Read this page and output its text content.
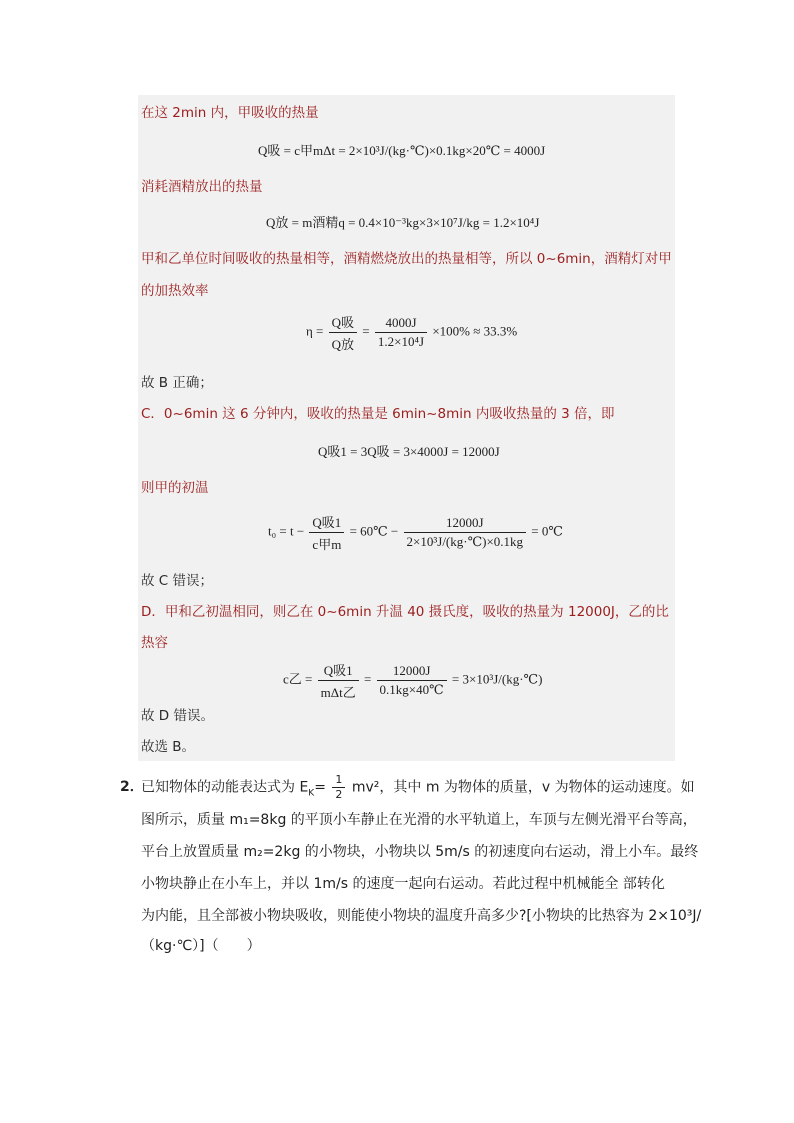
在这 2min 内，甲吸收的热量
Q吸 = c甲mΔt = 2×10³J/(kg·℃)×0.1kg×20℃ = 4000J
消耗酒精放出的热量
Q放 = m酒精q = 0.4×10⁻³kg×3×10⁷J/kg = 1.2×10⁴J
甲和乙单位时间吸收的热量相等，酒精燃烧放出的热量相等，所以 0~6min，酒精灯对甲
的加热效率
$\eta = \frac{\text{Q吸}}{\text{Q放}} = \frac{4000J}{\text{1.2×10⁴J}} \times 100\% \approx 33.3\%$
故 B 正确；
C．0~6min 这 6 分钟内，吸收的热量是 6min~8min 内吸收热量的 3 倍，即
Q吸1 = 3Q吸 = 3×4000J = 12000J
则甲的初温
$t_0 = t - \frac{\text{Q吸1}}{\text{c甲m}}$ = 60℃ − $\frac{12000J}{\text{2×10³J/(kg·℃)×0.1kg}}$ = 0℃
故 C 错误；
D．甲和乙初温相同，则乙在 0~6min 升温 40 摄氏度，吸收的热量为 12000J，乙的比
热容
c乙 = $\frac{\text{Q吸1}}{\text{mΔt乙}} = \frac{12000J}{0.1kg\times 40℃}$ = 3×10³J/(kg·℃)
故 D 错误。
故选 B。
2．
已知物体的动能表达式为 $E_K= \frac{1}{2} mv^2$，其中 m 为物体的质量，v 为物体的运动速度。如
图所示，质量 m₁=8kg 的平顶小车静止在光滑的水平轨道上，车顶与左侧光滑平台等高，
平台上放置质量 m₂=2kg 的小物块，小物块以 5m/s 的初速度向右运动，滑上小车。最终
小物块静止在小车上，并以 1m/s 的速度一起向右运动。若此过程中机械能全 部转化
为内能，且全部被小物块吸收，则能使小物块的温度升高多少?[小物块的比热容为 2×10³J/
（kg·℃）]（　　）
